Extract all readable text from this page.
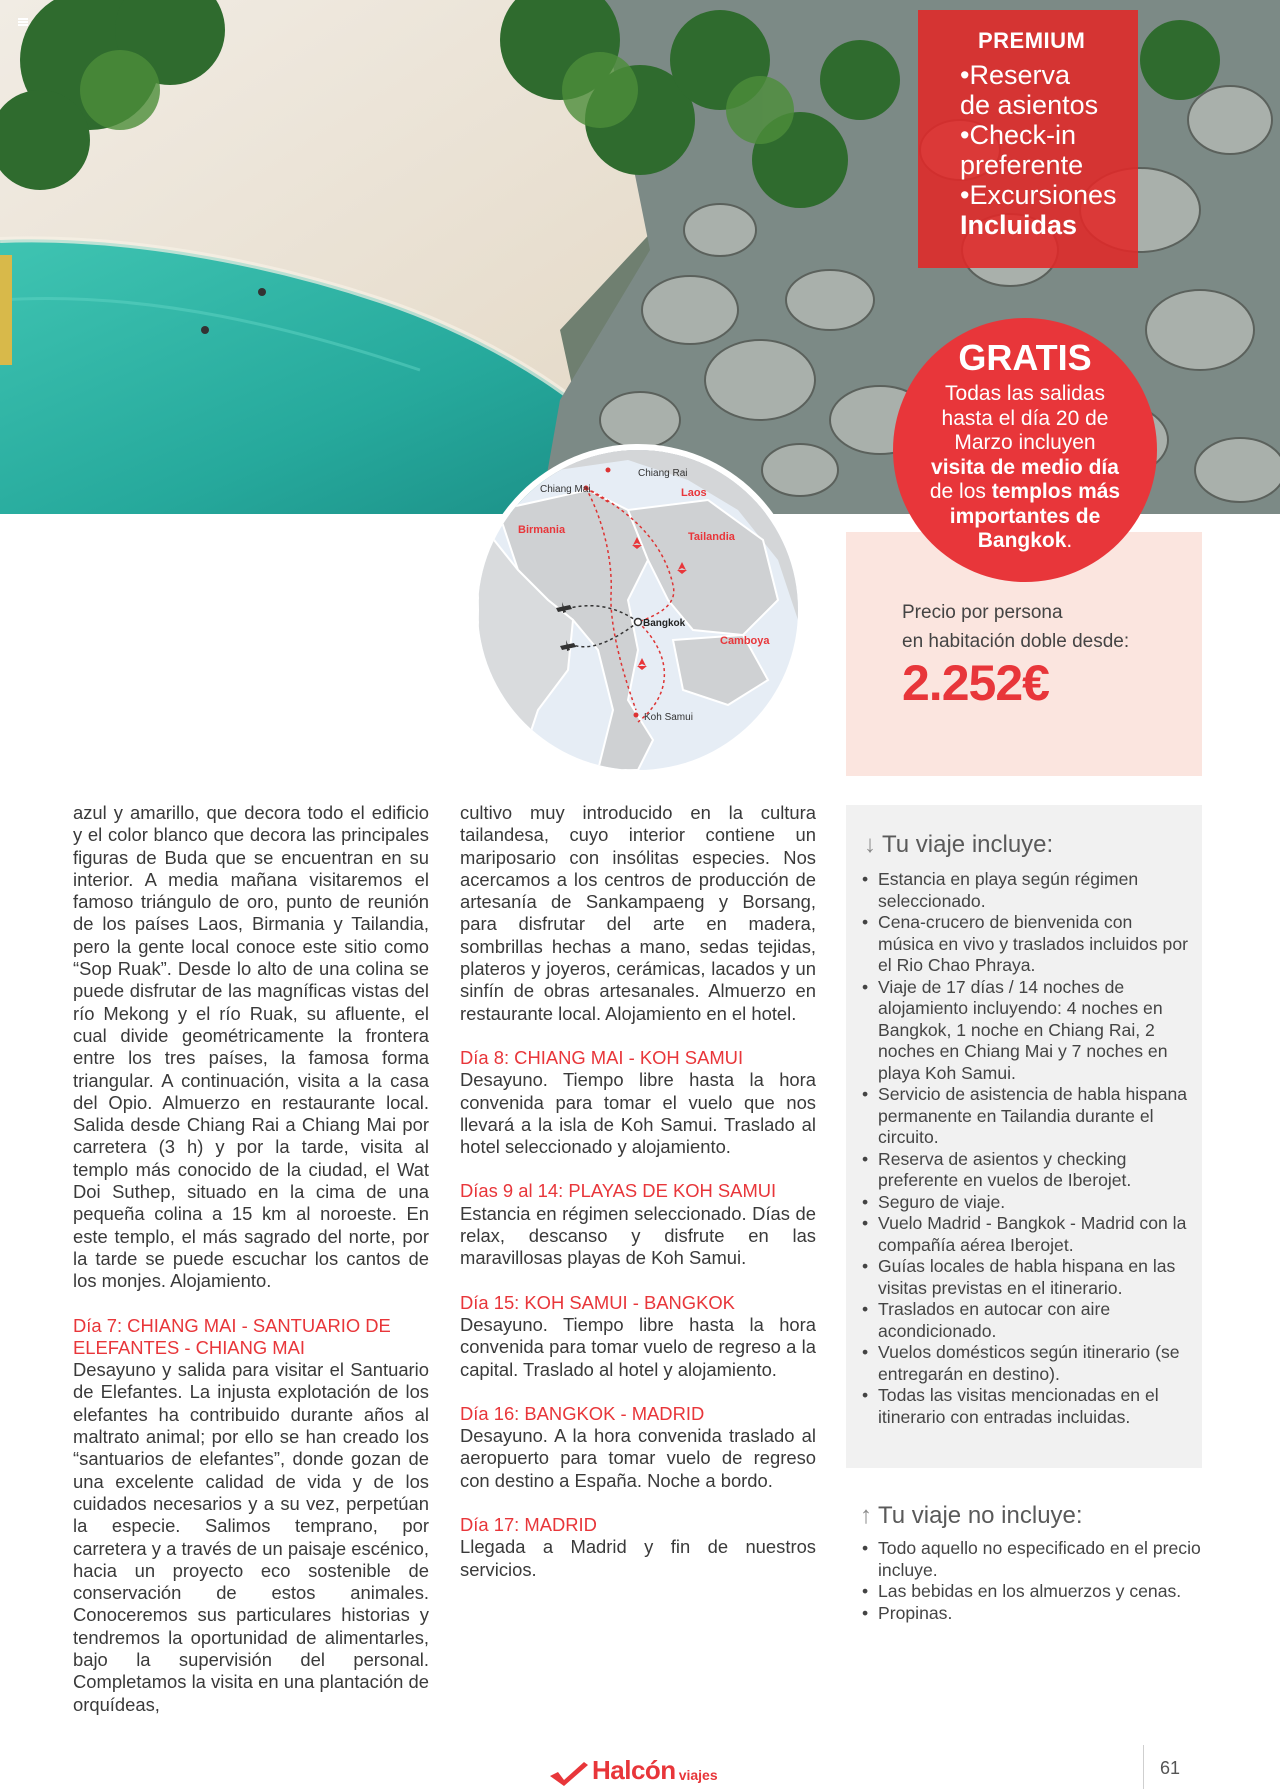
PREMIUM
•Reserva
de asientos
•Check-in
preferente
•Excursiones
Incluidas
Precio por persona
en habitación doble desde:
2.252€
GRATIS
Todas las salidas
hasta el día 20 de
Marzo incluyen
visita de medio día
de los templos más
importantes de
Bangkok.
Chiang Rai
Chiang Mai	Laos
Birmania
Tailandia
Bangkok
Camboya
Koh Samui

azul y amarillo, que decora todo el edificio y el color blanco que decora las principales figuras de Buda que se encuentran en su interior. A media mañana visitaremos el famoso triángulo de oro, punto de reunión de los países Laos, Birmania y Tailandia, pero la gente local conoce este sitio como “Sop Ruak”. Desde lo alto de una colina se puede disfrutar de las magníficas vistas del río Mekong y el río Ruak, su afluente, el cual divide geométricamente la frontera entre los tres países, la famosa forma triangular. A continuación, visita a la casa del Opio. Almuerzo en restaurante local. Salida desde Chiang Rai a Chiang Mai por carretera (3 h) y por la tarde, visita al templo más conocido de la ciudad, el Wat Doi Suthep, situado en la cima de una pequeña colina a 15 km al noroeste. En este templo, el más sagrado del norte, por la tarde se puede escuchar los cantos de los monjes. Alojamiento.

Día 7: CHIANG MAI - SANTUARIO DE ELEFANTES - CHIANG MAI

Desayuno y salida para visitar el Santuario de Elefantes. La injusta explotación de los elefantes ha contribuido durante años al maltrato animal; por ello se han creado los “santuarios de elefantes”, donde gozan de una excelente calidad de vida y de los cuidados necesarios y a su vez, perpetúan la especie. Salimos temprano, por carretera y a través de un paisaje escénico, hacia un proyecto eco sostenible de conservación de estos animales. Conoceremos sus particulares historias y tendremos la oportunidad de alimentarles, bajo la supervisión del personal. Completamos la visita en una plantación de orquídeas,

cultivo muy introducido en la cultura tailandesa, cuyo interior contiene un mariposario con insólitas especies. Nos acercamos a los centros de producción de artesanía de Sankampaeng y Borsang, para disfrutar del arte en madera, sombrillas hechas a mano, sedas tejidas, plateros y joyeros, cerámicas, lacados y un sinfín de obras artesanales. Almuerzo en restaurante local. Alojamiento en el hotel.

Día 8: CHIANG MAI - KOH SAMUI

Desayuno. Tiempo libre hasta la hora convenida para tomar el vuelo que nos llevará a la isla de Koh Samui. Traslado al hotel seleccionado y alojamiento.

Días 9 al 14: PLAYAS DE KOH SAMUI

Estancia en régimen seleccionado. Días de relax, descanso y disfrute en las maravillosas playas de Koh Samui.

Día 15: KOH SAMUI - BANGKOK

Desayuno. Tiempo libre hasta la hora convenida para tomar vuelo de regreso a la capital. Traslado al hotel y alojamiento.

Día 16: BANGKOK - MADRID

Desayuno. A la hora convenida traslado al aeropuerto para tomar vuelo de regreso con destino a España. Noche a bordo.

Día 17: MADRID

Llegada a Madrid y fin de nuestros servicios.

↓ Tu viaje incluye:
• Estancia en playa según régimen seleccionado.
• Cena-crucero de bienvenida con música en vivo y traslados incluidos por el Rio Chao Phraya.
• Viaje de 17 días / 14 noches de alojamiento incluyendo: 4 noches en Bangkok, 1 noche en Chiang Rai, 2 noches en Chiang Mai y 7 noches en playa Koh Samui.
• Servicio de asistencia de habla hispana permanente en Tailandia durante el circuito.
• Reserva de asientos y checking preferente en vuelos de Iberojet.
• Seguro de viaje.
• Vuelo Madrid - Bangkok - Madrid con la compañía aérea Iberojet.
• Guías locales de habla hispana en las visitas previstas en el itinerario.
• Traslados en autocar con aire acondicionado.
• Vuelos domésticos según itinerario (se entregarán en destino).
• Todas las visitas mencionadas en el itinerario con entradas incluidas.
↑ Tu viaje no incluye:
• Todo aquello no especificado en el precio incluye.
• Las bebidas en los almuerzos y cenas.
• Propinas.
Halcón viajes	61
